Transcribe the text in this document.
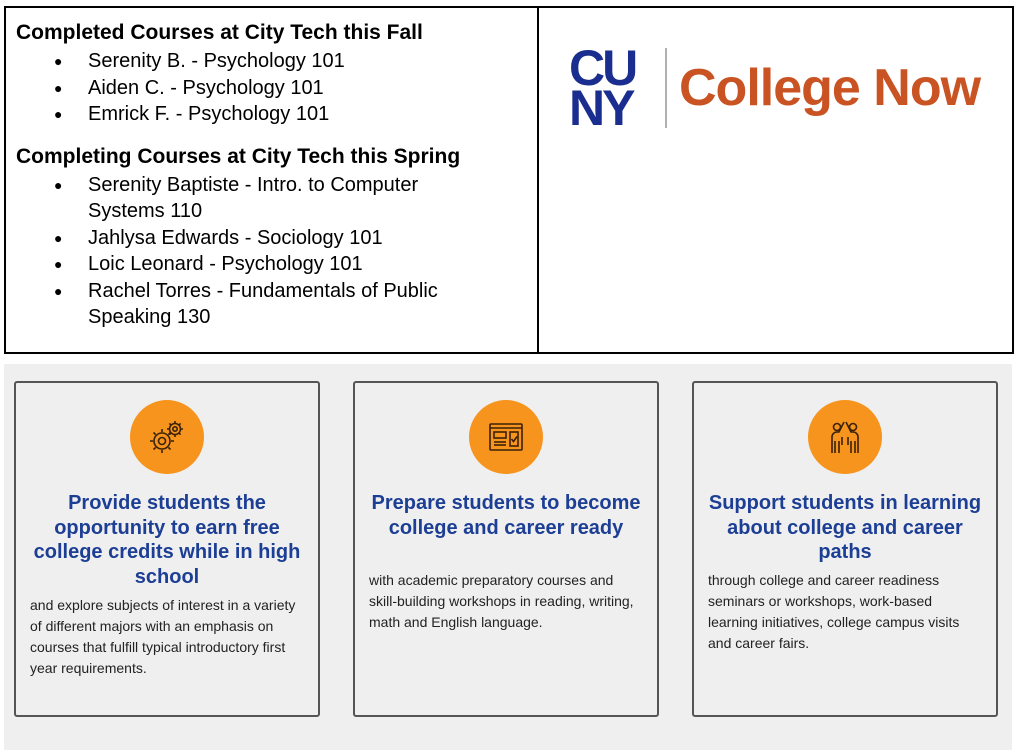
Completed Courses at City Tech this Fall
● Serenity B. - Psychology 101
● Aiden C. - Psychology 101
● Emrick F. - Psychology 101
Completing Courses at City Tech this Spring
● Serenity Baptiste - Intro. to Computer Systems 110
● Jahlysa Edwards - Sociology 101
● Loic Leonard - Psychology 101
● Rachel Torres - Fundamentals of Public Speaking 130
CU
NY College Now

Provide students the opportunity to earn free college credits while in high school

and explore subjects of interest in a variety of different majors with an emphasis on courses that fulfill typical introductory first year requirements.

Prepare students to become college and career ready

with academic preparatory courses and skill-building workshops in reading, writing, math and English language.

Support students in learning about college and career paths

through college and career readiness seminars or workshops, work-based learning initiatives, college campus visits and career fairs.
